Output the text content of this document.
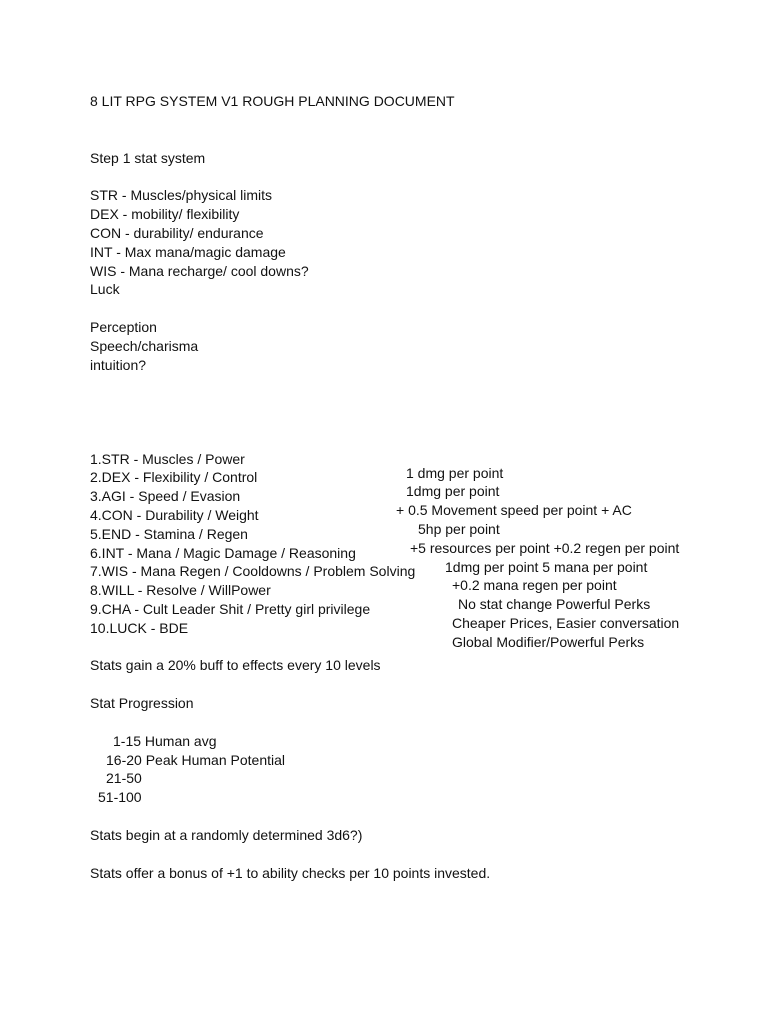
8 LIT RPG SYSTEM V1 ROUGH PLANNING DOCUMENT

Step 1 stat system

STR - Muscles/physical limits

DEX - mobility/ flexibility

CON - durability/ endurance

INT - Max mana/magic damage

WIS - Mana recharge/ cool downs?

Luck

Perception

Speech/charisma

intuition?

1.STR - Muscles / Power

1 dmg per point

2.DEX - Flexibility / Control

1dmg per point

3.AGI - Speed / Evasion

+ 0.5 Movement speed per point + AC

4.CON - Durability / Weight

5hp per point

5.END - Stamina / Regen

+5 resources per point +0.2 regen per point

6.INT - Mana / Magic Damage / Reasoning

1dmg per point 5 mana per point

7.WIS - Mana Regen / Cooldowns / Problem Solving

+0.2 mana regen per point

8.WILL - Resolve / WillPower

No stat change Powerful Perks

9.CHA - Cult Leader Shit / Pretty girl privilege

Cheaper Prices, Easier conversation

10.LUCK - BDE

Global Modifier/Powerful Perks

Stats gain a 20% buff to effects every 10 levels

Stat Progression

1-15 Human avg

16-20 Peak Human Potential

21-50

51-100

Stats begin at a randomly determined 3d6?)

Stats offer a bonus of +1 to ability checks per 10 points invested.
